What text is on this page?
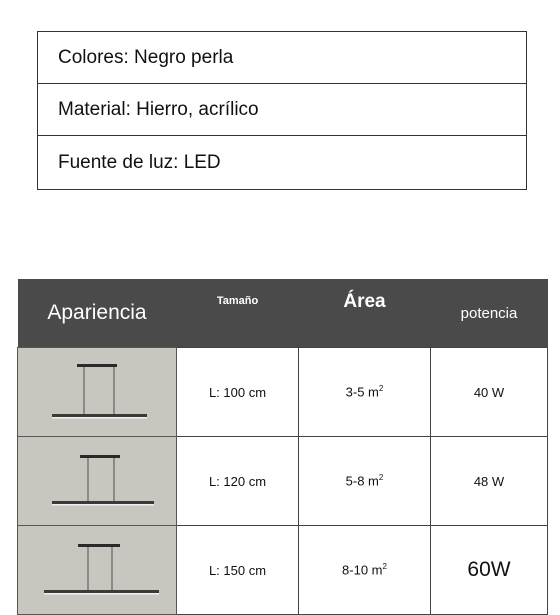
Colores: Negro perla
Material: Hierro, acrílico
Fuente de luz: LED
Apariencia	Tamaño	Área	potencia

	L: 100 cm	3-5 $m^2$	40 W

	L: 120 cm	5-8 $m^2$	48 W

	L: 150 cm	8-10 $m^2$	60W
